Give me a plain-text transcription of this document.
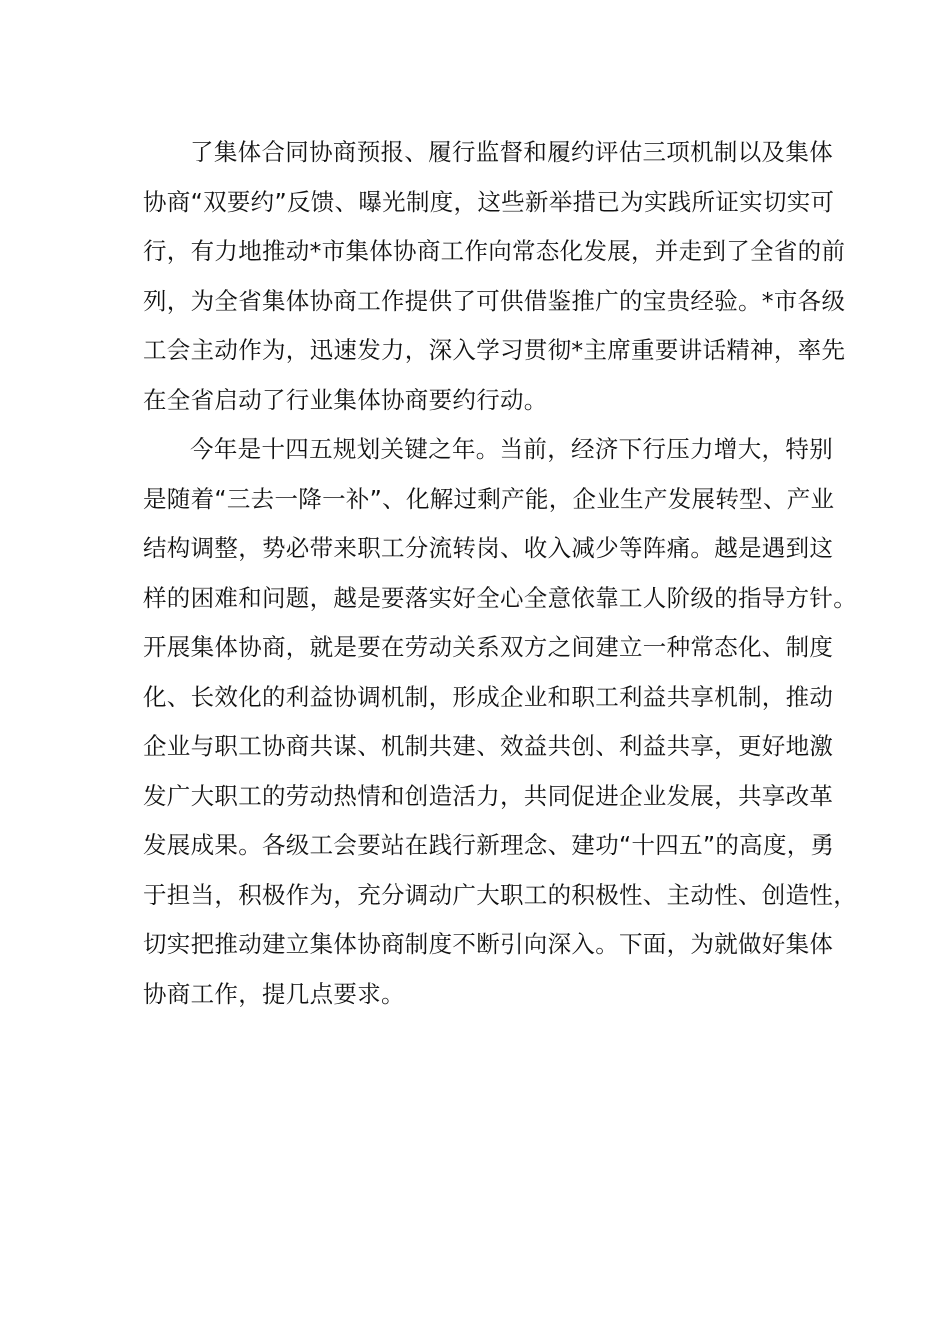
了集体合同协商预报、履行监督和履约评估三项机制以及集体
协商“双要约”反馈、曝光制度，这些新举措已为实践所证实切实可
行，有力地推动*市集体协商工作向常态化发展，并走到了全省的前
列，为全省集体协商工作提供了可供借鉴推广的宝贵经验。*市各级
工会主动作为，迅速发力，深入学习贯彻*主席重要讲话精神，率先
在全省启动了行业集体协商要约行动。
今年是十四五规划关键之年。当前，经济下行压力增大，特别
是随着“三去一降一补”、化解过剩产能，企业生产发展转型、产业
结构调整，势必带来职工分流转岗、收入减少等阵痛。越是遇到这
样的困难和问题，越是要落实好全心全意依靠工人阶级的指导方针。
开展集体协商，就是要在劳动关系双方之间建立一种常态化、制度
化、长效化的利益协调机制，形成企业和职工利益共享机制，推动
企业与职工协商共谋、机制共建、效益共创、利益共享，更好地激
发广大职工的劳动热情和创造活力，共同促进企业发展，共享改革
发展成果。各级工会要站在践行新理念、建功“十四五”的高度，勇
于担当，积极作为，充分调动广大职工的积极性、主动性、创造性，
切实把推动建立集体协商制度不断引向深入。下面，为就做好集体
协商工作，提几点要求。
